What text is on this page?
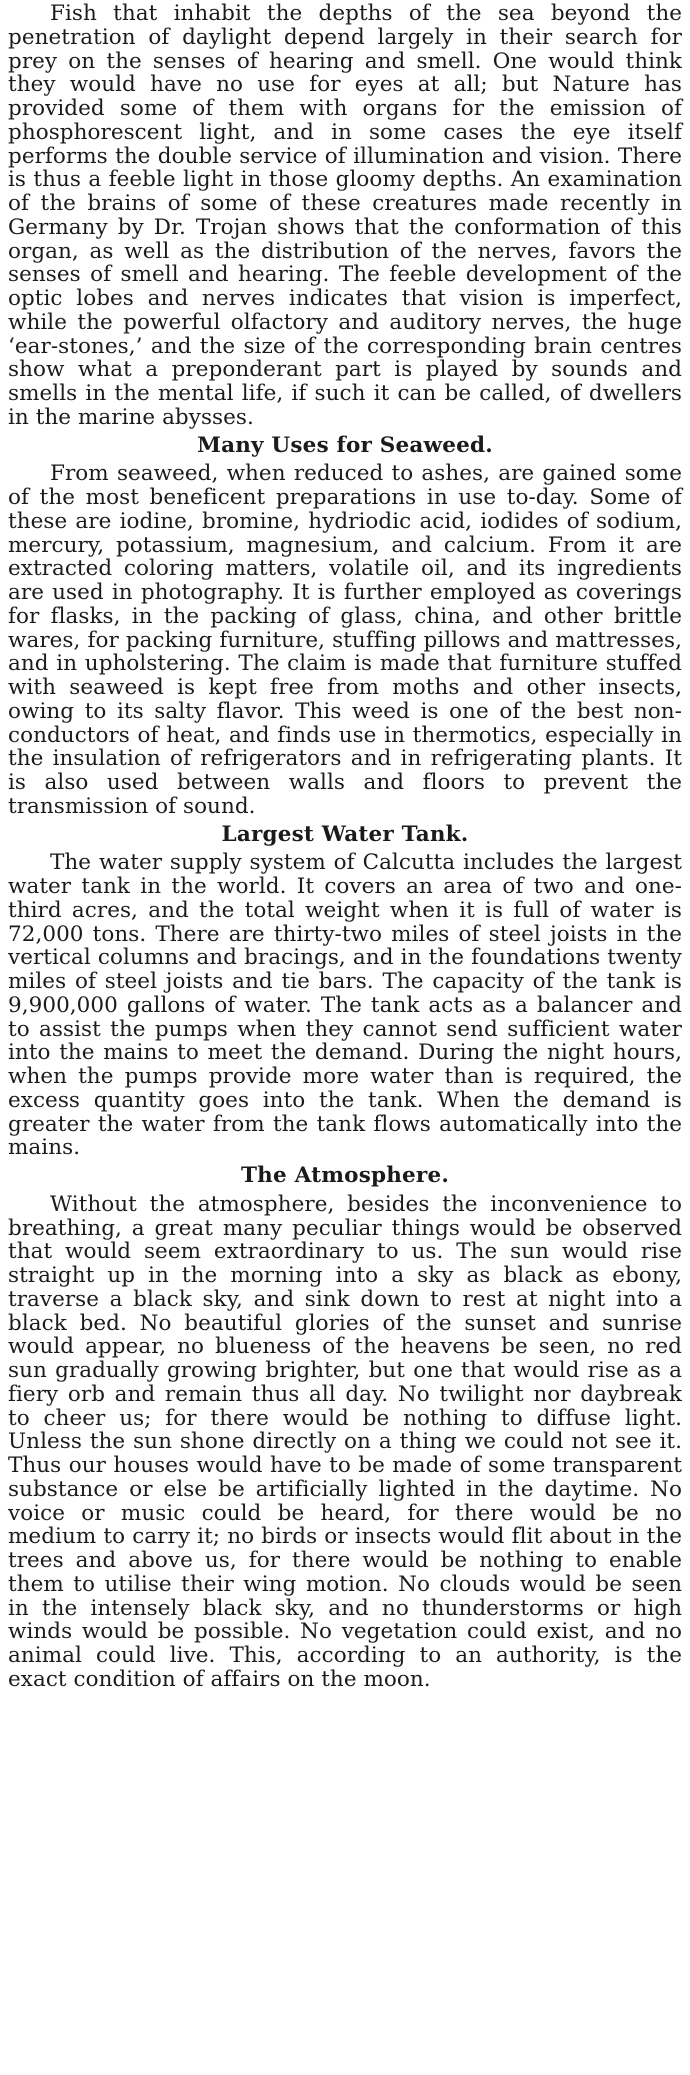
Fish that inhabit the depths of the sea beyond the penetration of daylight depend largely in their search for prey on the senses of hearing and smell. One would think they would have no use for eyes at all; but Nature has provided some of them with organs for the emission of phosphorescent light, and in some cases the eye itself performs the double service of illumination and vision. There is thus a feeble light in those gloomy depths. An examination of the brains of some of these creatures made recently in Germany by Dr. Trojan shows that the conformation of this organ, as well as the distribution of the nerves, favors the senses of smell and hearing. The feeble development of the optic lobes and nerves indicates that vision is imperfect, while the powerful olfactory and auditory nerves, the huge ‘ear-stones,’ and the size of the corresponding brain centres show what a preponderant part is played by sounds and smells in the mental life, if such it can be called, of dwellers in the marine abysses.

Many Uses for Seaweed.

From seaweed, when reduced to ashes, are gained some of the most beneficent preparations in use to-day. Some of these are iodine, bromine, hydriodic acid, iodides of sodium, mercury, potassium, magnesium, and calcium. From it are extracted coloring matters, volatile oil, and its ingredients are used in photography. It is further employed as coverings for flasks, in the packing of glass, china, and other brittle wares, for packing furniture, stuffing pillows and mattresses, and in upholstering. The claim is made that furniture stuffed with seaweed is kept free from moths and other insects, owing to its salty flavor. This weed is one of the best non-conductors of heat, and finds use in thermotics, especially in the insulation of refrigerators and in refrigerating plants. It is also used between walls and floors to prevent the transmission of sound.

Largest Water Tank.

The water supply system of Calcutta includes the largest water tank in the world. It covers an area of two and one-third acres, and the total weight when it is full of water is 72,000 tons. There are thirty-two miles of steel joists in the vertical columns and bracings, and in the foundations twenty miles of steel joists and tie bars. The capacity of the tank is 9,900,000 gallons of water. The tank acts as a balancer and to assist the pumps when they cannot send sufficient water into the mains to meet the demand. During the night hours, when the pumps provide more water than is required, the excess quantity goes into the tank. When the demand is greater the water from the tank flows automatically into the mains.

The Atmosphere.

Without the atmosphere, besides the inconvenience to breathing, a great many peculiar things would be observed that would seem extraordinary to us. The sun would rise straight up in the morning into a sky as black as ebony, traverse a black sky, and sink down to rest at night into a black bed. No beautiful glories of the sunset and sunrise would appear, no blueness of the heavens be seen, no red sun gradually growing brighter, but one that would rise as a fiery orb and remain thus all day. No twilight nor daybreak to cheer us; for there would be nothing to diffuse light. Unless the sun shone directly on a thing we could not see it. Thus our houses would have to be made of some transparent substance or else be artificially lighted in the daytime. No voice or music could be heard, for there would be no medium to carry it; no birds or insects would flit about in the trees and above us, for there would be nothing to enable them to utilise their wing motion. No clouds would be seen in the intensely black sky, and no thunderstorms or high winds would be possible. No vegetation could exist, and no animal could live. This, according to an authority, is the exact condition of affairs on the moon.
